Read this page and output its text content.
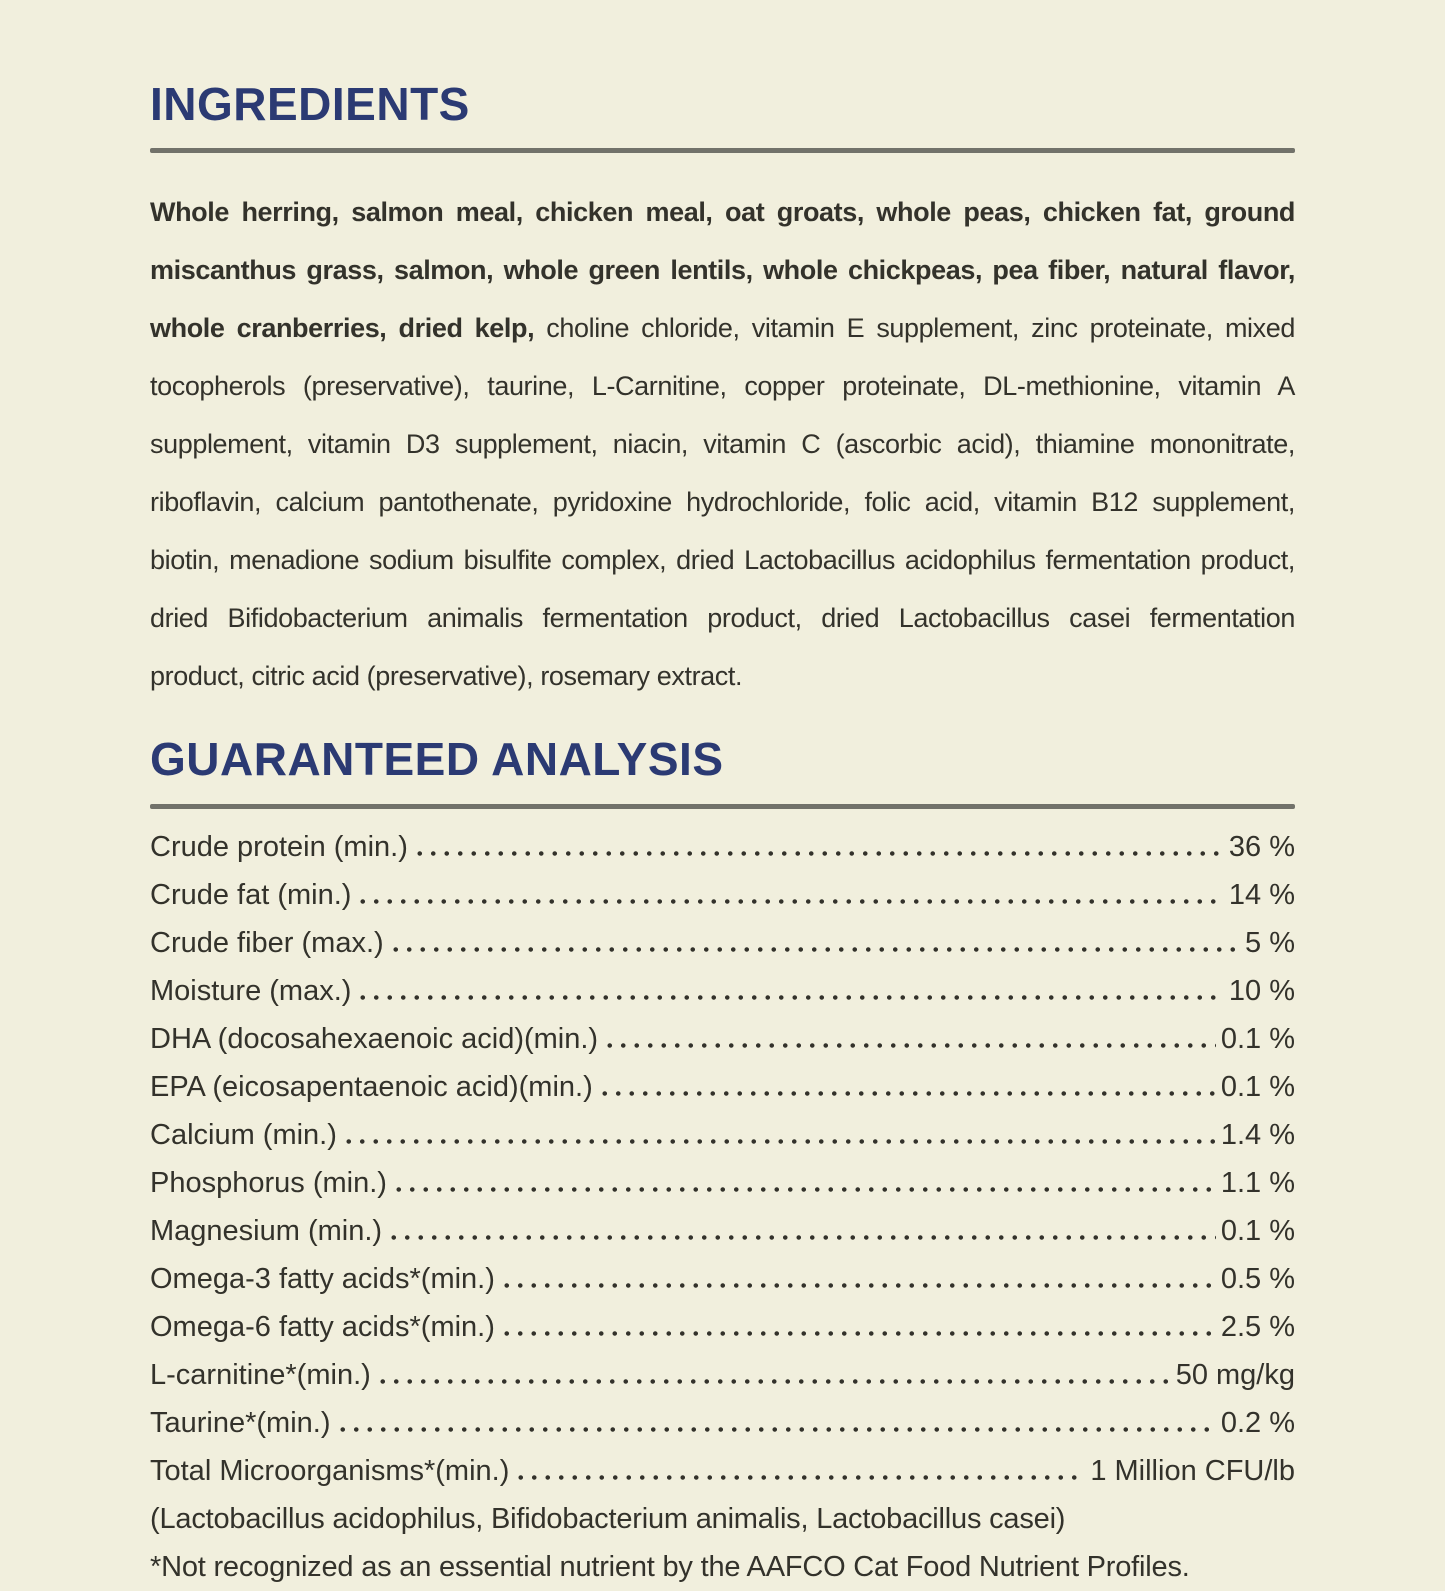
INGREDIENTS

Whole herring, salmon meal, chicken meal, oat groats, whole peas, chicken fat, ground miscanthus grass, salmon, whole green lentils, whole chickpeas, pea fiber, natural flavor, whole cranberries, dried kelp, choline chloride, vitamin E supplement, zinc proteinate, mixed tocopherols (preservative), taurine, L-Carnitine, copper proteinate, DL-methionine, vitamin A supplement, vitamin D3 supplement, niacin, vitamin C (ascorbic acid), thiamine mononitrate, riboflavin, calcium pantothenate, pyridoxine hydrochloride, folic acid, vitamin B12 supplement, biotin, menadione sodium bisulfite complex, dried Lactobacillus acidophilus fermentation product, dried Bifidobacterium animalis fermentation product, dried Lactobacillus casei fermentation product, citric acid (preservative), rosemary extract.

GUARANTEED ANALYSIS
Crude protein (min.)	36 %
Crude fat (min.)	14 %
Crude fiber (max.)	5 %
Moisture (max.)	10 %
DHA (docosahexaenoic acid)(min.)	0.1 %
EPA (eicosapentaenoic acid)(min.)	0.1 %
Calcium (min.)	1.4 %
Phosphorus (min.)	1.1 %
Magnesium (min.)	0.1 %
Omega-3 fatty acids*(min.)	0.5 %
Omega-6 fatty acids*(min.)	2.5 %
L-carnitine*(min.)	50 mg/kg
Taurine*(min.)	0.2 %
Total Microorganisms*(min.)	1 Million CFU/lb

(Lactobacillus acidophilus, Bifidobacterium animalis, Lactobacillus casei)

*Not recognized as an essential nutrient by the AAFCO Cat Food Nutrient Profiles.
